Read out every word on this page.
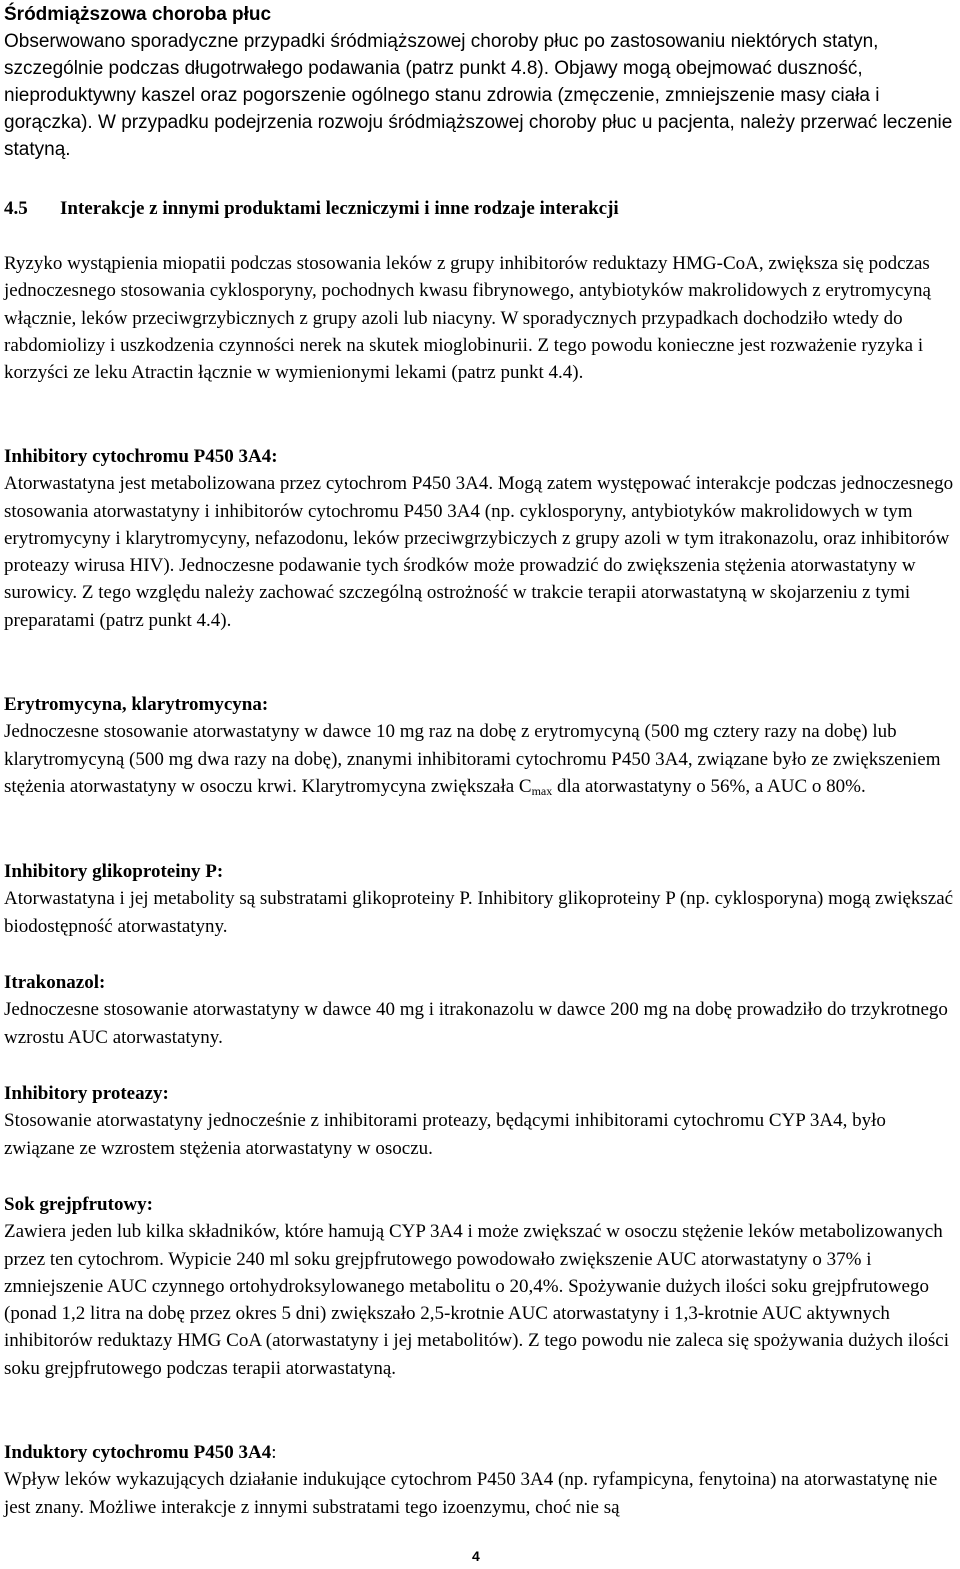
Śródmiąższowa choroba płuc

Obserwowano sporadyczne przypadki śródmiąższowej choroby płuc po zastosowaniu niektórych statyn, szczególnie podczas długotrwałego podawania (patrz punkt 4.8). Objawy mogą obejmować duszność, nieproduktywny kaszel oraz pogorszenie ogólnego stanu zdrowia (zmęczenie, zmniejszenie masy ciała i gorączka). W przypadku podejrzenia rozwoju śródmiąższowej choroby płuc u pacjenta, należy przerwać leczenie statyną.

4.5 Interakcje z innymi produktami leczniczymi i inne rodzaje interakcji

Ryzyko wystąpienia miopatii podczas stosowania leków z grupy inhibitorów reduktazy HMG-CoA, zwiększa się podczas jednoczesnego stosowania cyklosporyny, pochodnych kwasu fibrynowego, antybiotyków makrolidowych z erytromycyną włącznie, leków przeciwgrzybicznych z grupy azoli lub niacyny. W sporadycznych przypadkach dochodziło wtedy do rabdomiolizy i uszkodzenia czynności nerek na skutek mioglobinurii. Z tego powodu konieczne jest rozważenie ryzyka i korzyści ze leku Atractin łącznie w wymienionymi lekami (patrz punkt 4.4).

Inhibitory cytochromu P450 3A4:

Atorwastatyna jest metabolizowana przez cytochrom P450 3A4. Mogą zatem występować interakcje podczas jednoczesnego stosowania atorwastatyny i inhibitorów cytochromu P450 3A4 (np. cyklosporyny, antybiotyków makrolidowych w tym erytromycyny i klarytromycyny, nefazodonu, leków przeciwgrzybiczych z grupy azoli w tym itrakonazolu, oraz inhibitorów proteazy wirusa HIV). Jednoczesne podawanie tych środków może prowadzić do zwiększenia stężenia atorwastatyny w surowicy. Z tego względu należy zachować szczególną ostrożność w trakcie terapii atorwastatyną w skojarzeniu z tymi preparatami (patrz punkt 4.4).

Erytromycyna, klarytromycyna:

Jednoczesne stosowanie atorwastatyny w dawce 10 mg raz na dobę z erytromycyną (500 mg cztery razy na dobę) lub klarytromycyną (500 mg dwa razy na dobę), znanymi inhibitorami cytochromu P450 3A4, związane było ze zwiększeniem stężenia atorwastatyny w osoczu krwi. Klarytromycyna zwiększała $C_{max}$ dla atorwastatyny o 56%, a AUC o 80%.

Inhibitory glikoproteiny P:

Atorwastatyna i jej metabolity są substratami glikoproteiny P. Inhibitory glikoproteiny P (np. cyklosporyna) mogą zwiększać biodostępność atorwastatyny.

Itrakonazol:

Jednoczesne stosowanie atorwastatyny w dawce 40 mg i itrakonazolu w dawce 200 mg na dobę prowadziło do trzykrotnego wzrostu AUC atorwastatyny.

Inhibitory proteazy:

Stosowanie atorwastatyny jednocześnie z inhibitorami proteazy, będącymi inhibitorami cytochromu CYP 3A4, było związane ze wzrostem stężenia atorwastatyny w osoczu.

Sok grejpfrutowy:

Zawiera jeden lub kilka składników, które hamują CYP 3A4 i może zwiększać w osoczu stężenie leków metabolizowanych przez ten cytochrom. Wypicie 240 ml soku grejpfrutowego powodowało zwiększenie AUC atorwastatyny o 37% i zmniejszenie AUC czynnego ortohydroksylowanego metabolitu o 20,4%. Spożywanie dużych ilości soku grejpfrutowego (ponad 1,2 litra na dobę przez okres 5 dni) zwiększało 2,5-krotnie AUC atorwastatyny i 1,3-krotnie AUC aktywnych inhibitorów reduktazy HMG CoA (atorwastatyny i jej metabolitów). Z tego powodu nie zaleca się spożywania dużych ilości soku grejpfrutowego podczas terapii atorwastatyną.

Induktory cytochromu P450 3A4:

Wpływ leków wykazujących działanie indukujące cytochrom P450 3A4 (np. ryfampicyna, fenytoina) na atorwastatynę nie jest znany. Możliwe interakcje z innymi substratami tego izoenzymu, choć nie są

4
